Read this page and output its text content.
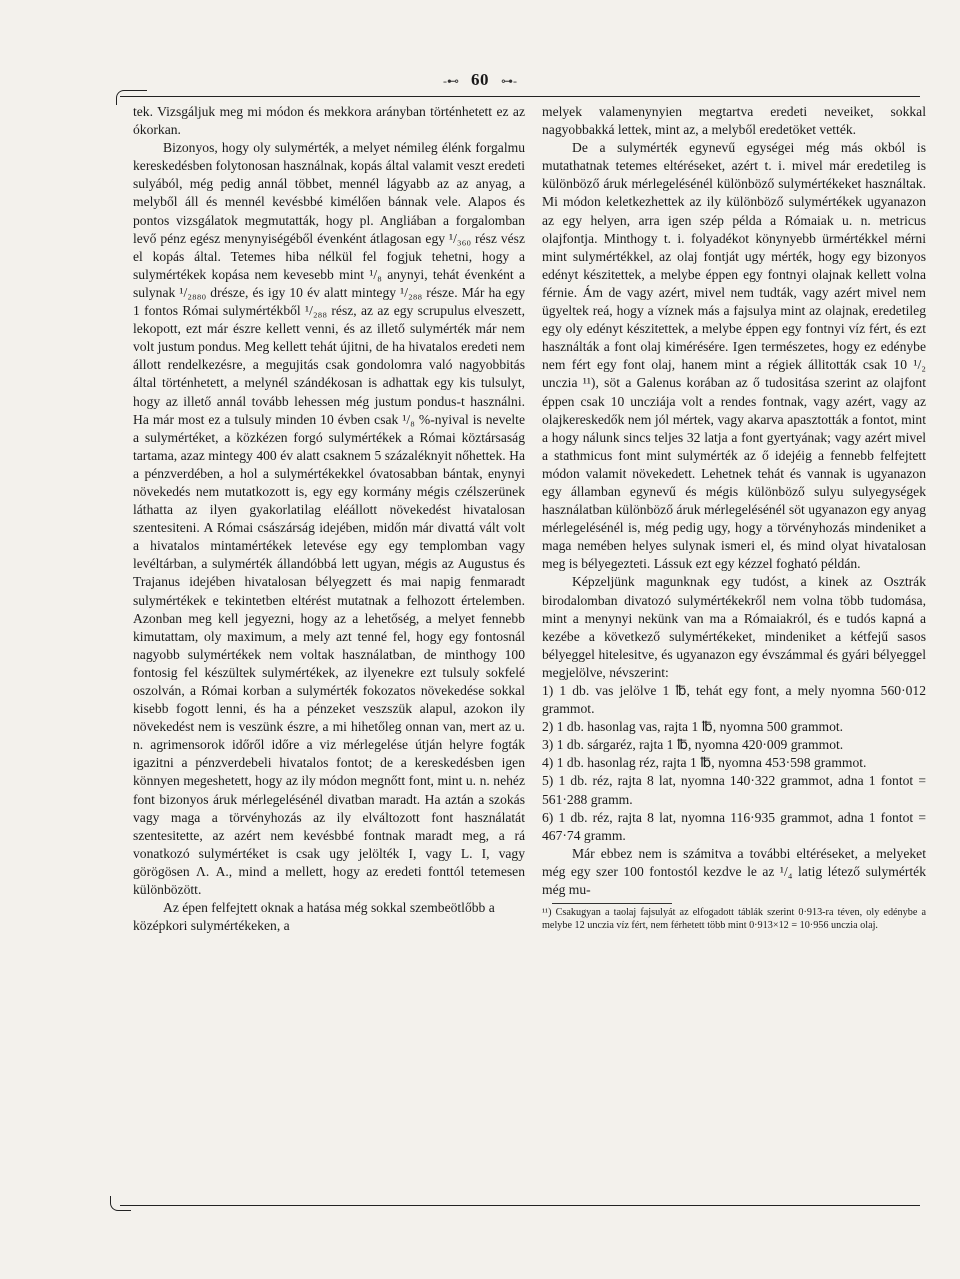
-⊷ 60 ⊶-

tek. Vizsgáljuk meg mi módon és mekkora arányban történhetett ez az ókorkan.

Bizonyos, hogy oly sulymérték, a melyet némileg élénk forgalmu kereskedésben folytonosan használnak, kopás által valamit veszt eredeti sulyából, még pedig annál többet, mennél lágyabb az az anyag, a melyből áll és mennél kevésbbé kimélően bánnak vele. Alapos és pontos vizsgálatok megmutatták, hogy pl. Angliában a forgalomban levő pénz egész menynyiségéből évenként átlagosan egy ¹/₃₆₀ rész vész el kopás által. Tetemes hiba nélkül fel fogjuk tehetni, hogy a sulymértékek kopása nem kevesebb mint ¹/₈ anynyi, tehát évenként a sulynak ¹/₂₈₈₀ drésze, és igy 10 év alatt mintegy ¹/₂₈₈ része. Már ha egy 1 fontos Római sulymértékből ¹/₂₈₈ rész, az az egy scrupulus elveszett, lekopott, ezt már észre kellett venni, és az illető sulymérték már nem volt justum pondus. Meg kellett tehát újitni, de ha hivatalos eredeti nem állott rendelkezésre, a megujitás csak gondolomra való nagyobbitás által történhetett, a melynél szándékosan is adhattak egy kis tulsulyt, hogy az illető annál tovább lehessen még justum pondus-t használni. Ha már most ez a tulsuly minden 10 évben csak ¹/₈ %-nyival is nevelte a sulymértéket, a közkézen forgó sulymértékek a Római köztársaság tartama, azaz mintegy 400 év alatt csaknem 5 százaléknyit nőhettek. Ha a pénzverdében, a hol a sulymértékekkel óvatosabban bántak, enynyi növekedés nem mutatkozott is, egy egy kormány mégis czélszerünek láthatta az ilyen gyakorlatilag eléállott növekedést hivatalosan szentesiteni. A Római császárság idejében, midőn már divattá vált volt a hivatalos mintamértékek letevése egy egy templomban vagy levéltárban, a sulymérték állandóbbá lett ugyan, mégis az Augustus és Trajanus idejében hivatalosan bélyegzett és mai napig fenmaradt sulymértékek e tekintetben eltérést mutatnak a felhozott értelemben. Azonban meg kell jegyezni, hogy az a lehetőség, a melyet fennebb kimutattam, oly maximum, a mely azt tenné fel, hogy egy fontosnál nagyobb sulymértékek nem voltak használatban, de minthogy 100 fontosig fel készültek sulymértékek, az ilyenekre ezt tulsuly sokfelé oszolván, a Római korban a sulymérték fokozatos növekedése sokkal kisebb fogott lenni, és ha a pénzeket veszszük alapul, azokon ily növekedést nem is veszünk észre, a mi hihetőleg onnan van, mert az u. n. agrimensorok időről időre a viz mérlegelése útján helyre fogták igazitni a pénzverdebeli hivatalos fontot; de a kereskedésben igen könnyen megeshetett, hogy az ily módon megnőtt font, mint u. n. nehéz font bizonyos áruk mérlegelésénél divatban maradt. Ha aztán a szokás vagy maga a törvényhozás az ily elváltozott font használatát szentesitette, az azért nem kevésbbé fontnak maradt meg, a rá vonatkozó sulymértéket is csak ugy jelölték I, vagy L. I, vagy görögösen Λ. A., mind a mellett, hogy az eredeti fonttól tetemesen különbözött.

Az épen felfejtett oknak a hatása még sokkal szembeötlőbb a középkori sulymértékeken, a

melyek valamenynyien megtartva eredeti neveiket, sokkal nagyobbakká lettek, mint az, a melyből eredetöket vették.

De a sulymérték egynevű egységei még más okból is mutathatnak tetemes eltéréseket, azért t. i. mivel már eredetileg is különböző áruk mérlegelésénél különböző sulymértékeket használtak. Mi módon keletkezhettek az ily különböző sulymértékek ugyanazon az egy helyen, arra igen szép példa a Rómaiak u. n. metricus olajfontja. Minthogy t. i. folyadékot könynyebb ürmértékkel mérni mint sulymértékkel, az olaj fontját ugy mérték, hogy egy bizonyos edényt készitettek, a melybe éppen egy fontnyi olajnak kellett volna férnie. Ám de vagy azért, mivel nem tudták, vagy azért mivel nem ügyeltek reá, hogy a víznek más a fajsulya mint az olajnak, eredetileg egy oly edényt készitettek, a melybe éppen egy fontnyi víz fért, és ezt használták a font olaj kimérésére. Igen természetes, hogy ez edénybe nem fért egy font olaj, hanem mint a régiek állitották csak 10 ¹/₂ unczia ¹¹), söt a Galenus korában az ő tudositása szerint az olajfont éppen csak 10 uncziája volt a rendes fontnak, vagy azért, vagy az olajkereskedők nem jól mértek, vagy akarva apasztották a fontot, mint a hogy nálunk sincs teljes 32 latja a font gyertyának; vagy azért mivel a stathmicus font mint sulymérték az ő idejéig a fennebb felfejtett módon valamit növekedett. Lehetnek tehát és vannak is ugyanazon egy államban egynevű és mégis különböző sulyu sulyegységek használatban különböző áruk mérlegelésénél söt ugyanazon egy anyag mérlegelésénél is, még pedig ugy, hogy a törvényhozás mindeniket a maga nemében helyes sulynak ismeri el, és mind olyat hivatalosan meg is bélyegezteti. Lássuk ezt egy kézzel fogható példán.

Képzeljünk magunknak egy tudóst, a kinek az Osztrák birodalomban divatozó sulymértékekről nem volna több tudomása, mint a menynyi nekünk van ma a Rómaiakról, és e tudós kapná a kezébe a következő sulymértékeket, mindeniket a kétfejű sasos bélyeggel hitelesitve, és ugyanazon egy évszámmal és gyári bélyeggel megjelölve, névszerint:

1) 1 db. vas jelölve 1 ℔, tehát egy font, a mely nyomna 560·012 grammot.

2) 1 db. hasonlag vas, rajta 1 ℔, nyomna 500 grammot.

3) 1 db. sárgaréz, rajta 1 ℔, nyomna 420·009 grammot.

4) 1 db. hasonlag réz, rajta 1 ℔, nyomna 453·598 grammot.

5) 1 db. réz, rajta 8 lat, nyomna 140·322 grammot, adna 1 fontot = 561·288 gramm.

6) 1 db. réz, rajta 8 lat, nyomna 116·935 grammot, adna 1 fontot = 467·74 gramm.

Már ebbez nem is számitva a további eltéréseket, a melyeket még egy szer 100 fontostól kezdve le az ¹/₄ latig létező sulymérték még mu-

¹¹) Csakugyan a taolaj fajsulyát az elfogadott táblák szerint 0·913-ra téven, oly edénybe a melybe 12 unczia víz fért, nem férhetett több mint 0·913×12 = 10·956 unczia olaj.
